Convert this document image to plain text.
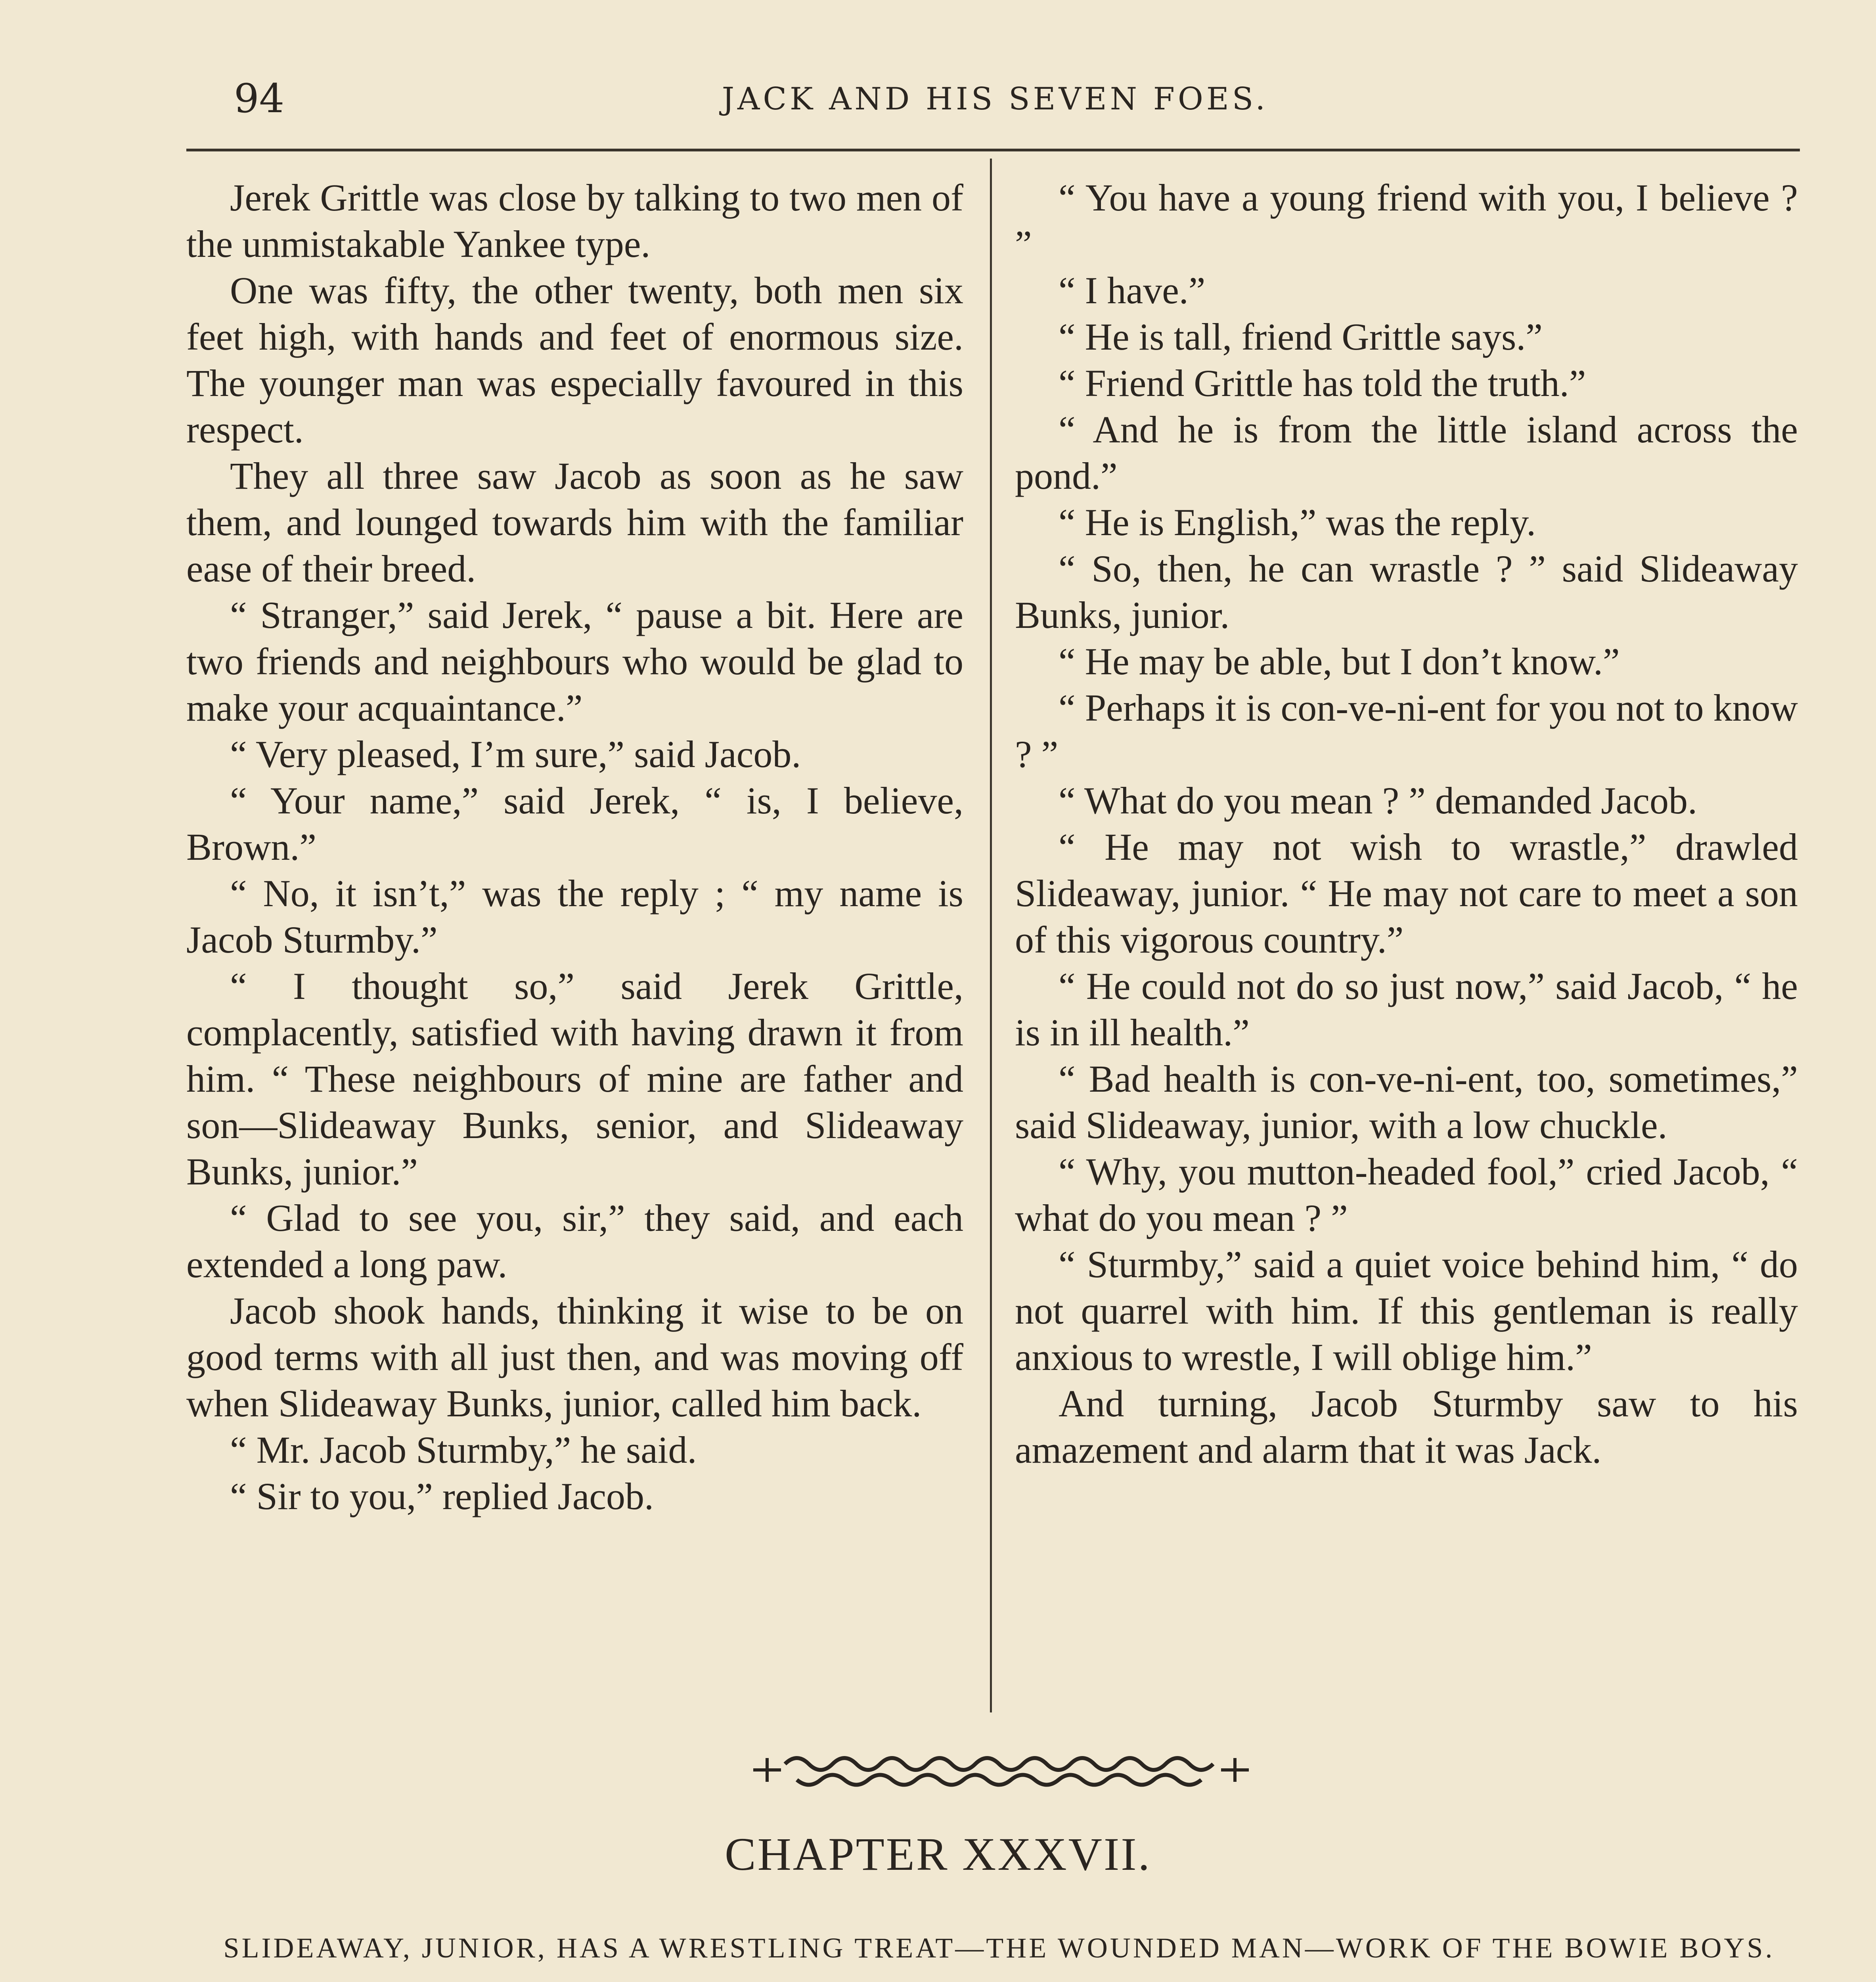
94	JACK AND HIS SEVEN FOES.

Jerek Grittle was close by talking to two men of the unmistakable Yankee type.

One was fifty, the other twenty, both men six feet high, with hands and feet of enormous size. The younger man was especially favoured in this respect.

They all three saw Jacob as soon as he saw them, and lounged towards him with the familiar ease of their breed.

“ Stranger,” said Jerek, “ pause a bit. Here are two friends and neighbours who would be glad to make your acquaintance.”

“ Very pleased, I’m sure,” said Jacob.

“ Your name,” said Jerek, “ is, I believe, Brown.”

“ No, it isn’t,” was the reply ; “ my name is Jacob Sturmby.”

“ I thought so,” said Jerek Grittle, complacently, satisfied with having drawn it from him. “ These neighbours of mine are father and son—Slideaway Bunks, senior, and Slideaway Bunks, junior.”

“ Glad to see you, sir,” they said, and each extended a long paw.

Jacob shook hands, thinking it wise to be on good terms with all just then, and was moving off when Slideaway Bunks, junior, called him back.

“ Mr. Jacob Sturmby,” he said.

“ Sir to you,” replied Jacob.

“ You have a young friend with you, I believe ? ”

“ I have.”

“ He is tall, friend Grittle says.”

“ Friend Grittle has told the truth.”

“ And he is from the little island across the pond.”

“ He is English,” was the reply.

“ So, then, he can wrastle ? ” said Slideaway Bunks, junior.

“ He may be able, but I don’t know.”

“ Perhaps it is con-ve-ni-ent for you not to know ? ”

“ What do you mean ? ” demanded Jacob.

“ He may not wish to wrastle,” drawled Slideaway, junior. “ He may not care to meet a son of this vigorous country.”

“ He could not do so just now,” said Jacob, “ he is in ill health.”

“ Bad health is con-ve-ni-ent, too, sometimes,” said Slideaway, junior, with a low chuckle.

“ Why, you mutton-headed fool,” cried Jacob, “ what do you mean ? ”

“ Sturmby,” said a quiet voice behind him, “ do not quarrel with him. If this gentleman is really anxious to wrestle, I will oblige him.”

And turning, Jacob Sturmby saw to his amazement and alarm that it was Jack.

CHAPTER XXXVII.
SLIDEAWAY, JUNIOR, HAS A WRESTLING TREAT—THE WOUNDED MAN—WORK OF THE BOWIE BOYS.
